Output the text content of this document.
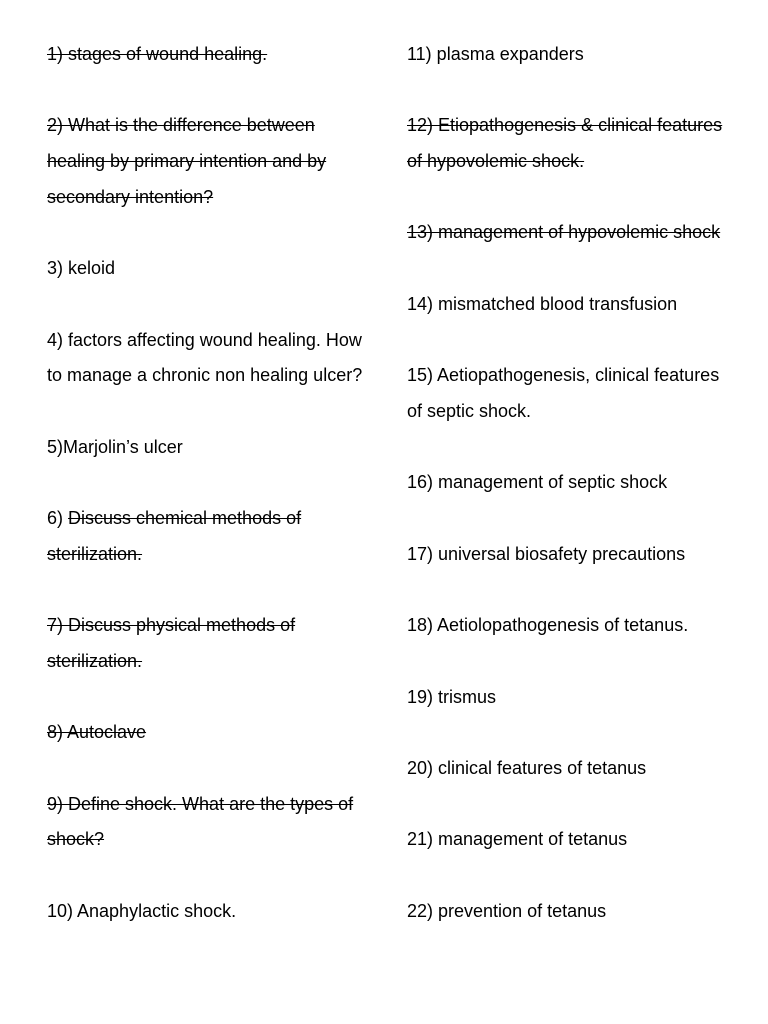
1) stages of wound healing.

2) What is the difference between healing by primary intention and by secondary intention?

3) keloid

4) factors affecting wound healing. How to manage a chronic non healing ulcer?

5)Marjolin’s ulcer

6) Discuss chemical methods of sterilization.

7) Discuss physical methods of sterilization.

8) Autoclave

9) Define shock. What are the types of shock?

10) Anaphylactic shock.

11) plasma expanders

12) Etiopathogenesis & clinical features of hypovolemic shock.

13) management of hypovolemic shock

14) mismatched blood transfusion

15) Aetiopathogenesis, clinical features of septic shock.

16) management of septic shock

17) universal biosafety precautions

18) Aetiolopathogenesis of tetanus.

19) trismus

20) clinical features of tetanus

21) management of tetanus

22) prevention of tetanus
